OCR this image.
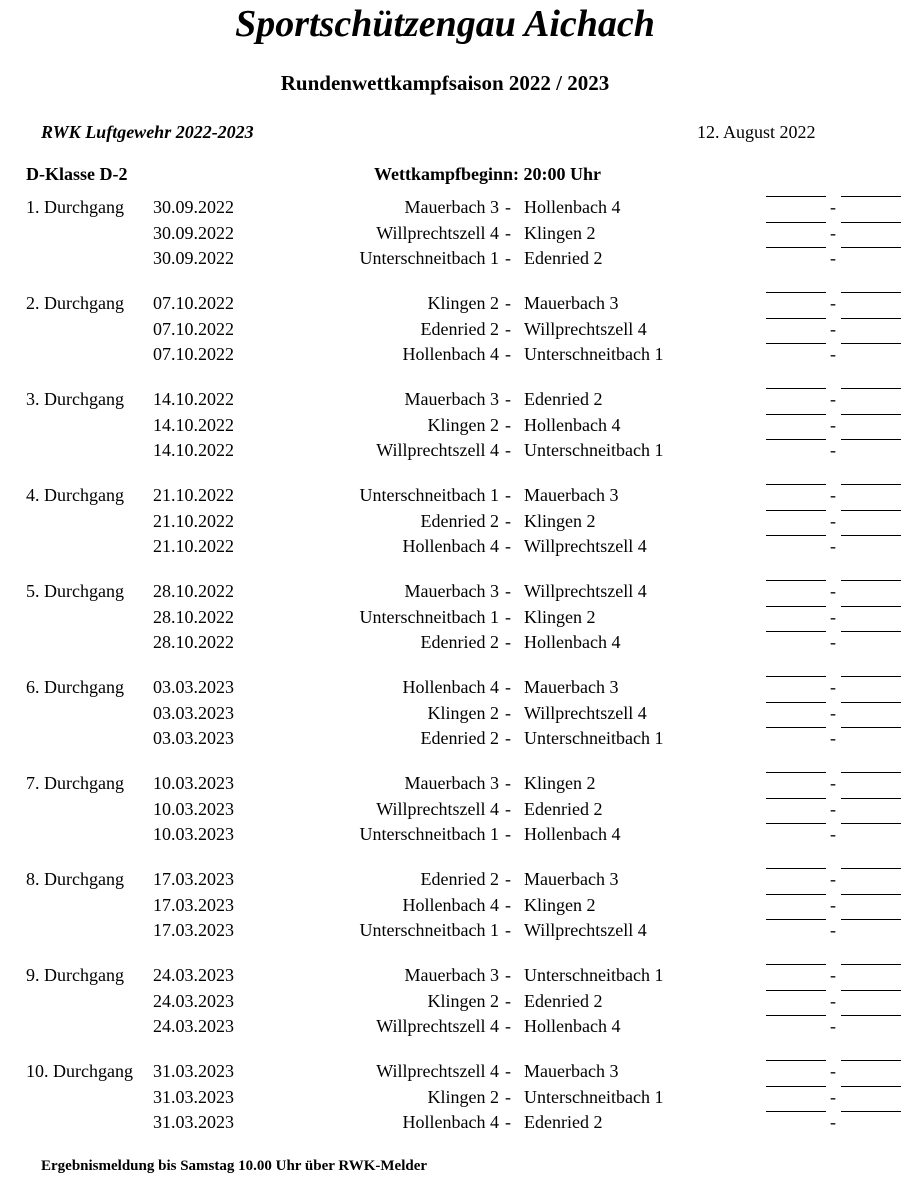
Sportschützengau Aichach
Rundenwettkampfsaison 2022 / 2023
RWK Luftgewehr 2022-2023	12. August 2022
D-Klasse D-2	Wettkampfbeginn: 20:00 Uhr
1. Durchgang 30.09.2022	Mauerbach 3 - Hollenbach 4	-
30.09.2022	Willprechtszell 4 - Klingen 2	-
30.09.2022	Unterschneitbach 1 - Edenried 2	-
2. Durchgang 07.10.2022	Klingen 2 - Mauerbach 3	-
07.10.2022	Edenried 2 - Willprechtszell 4	-
07.10.2022	Hollenbach 4 - Unterschneitbach 1	-
3. Durchgang 14.10.2022	Mauerbach 3 - Edenried 2	-
14.10.2022	Klingen 2 - Hollenbach 4	-
14.10.2022	Willprechtszell 4 - Unterschneitbach 1	-
4. Durchgang 21.10.2022	Unterschneitbach 1 - Mauerbach 3	-
21.10.2022	Edenried 2 - Klingen 2	-
21.10.2022	Hollenbach 4 - Willprechtszell 4	-
5. Durchgang 28.10.2022	Mauerbach 3 - Willprechtszell 4	-
28.10.2022	Unterschneitbach 1 - Klingen 2	-
28.10.2022	Edenried 2 - Hollenbach 4	-
6. Durchgang 03.03.2023	Hollenbach 4 - Mauerbach 3	-
03.03.2023	Klingen 2 - Willprechtszell 4	-
03.03.2023	Edenried 2 - Unterschneitbach 1	-
7. Durchgang 10.03.2023	Mauerbach 3 - Klingen 2	-
10.03.2023	Willprechtszell 4 - Edenried 2	-
10.03.2023	Unterschneitbach 1 - Hollenbach 4	-
8. Durchgang 17.03.2023	Edenried 2 - Mauerbach 3	-
17.03.2023	Hollenbach 4 - Klingen 2	-
17.03.2023	Unterschneitbach 1 - Willprechtszell 4	-
9. Durchgang 24.03.2023	Mauerbach 3 - Unterschneitbach 1	-
24.03.2023	Klingen 2 - Edenried 2	-
24.03.2023	Willprechtszell 4 - Hollenbach 4	-
10. Durchgang 31.03.2023	Willprechtszell 4 - Mauerbach 3	-
31.03.2023	Klingen 2 - Unterschneitbach 1	-
31.03.2023	Hollenbach 4 - Edenried 2	-
Ergebnismeldung bis Samstag 10.00 Uhr über RWK-Melder
